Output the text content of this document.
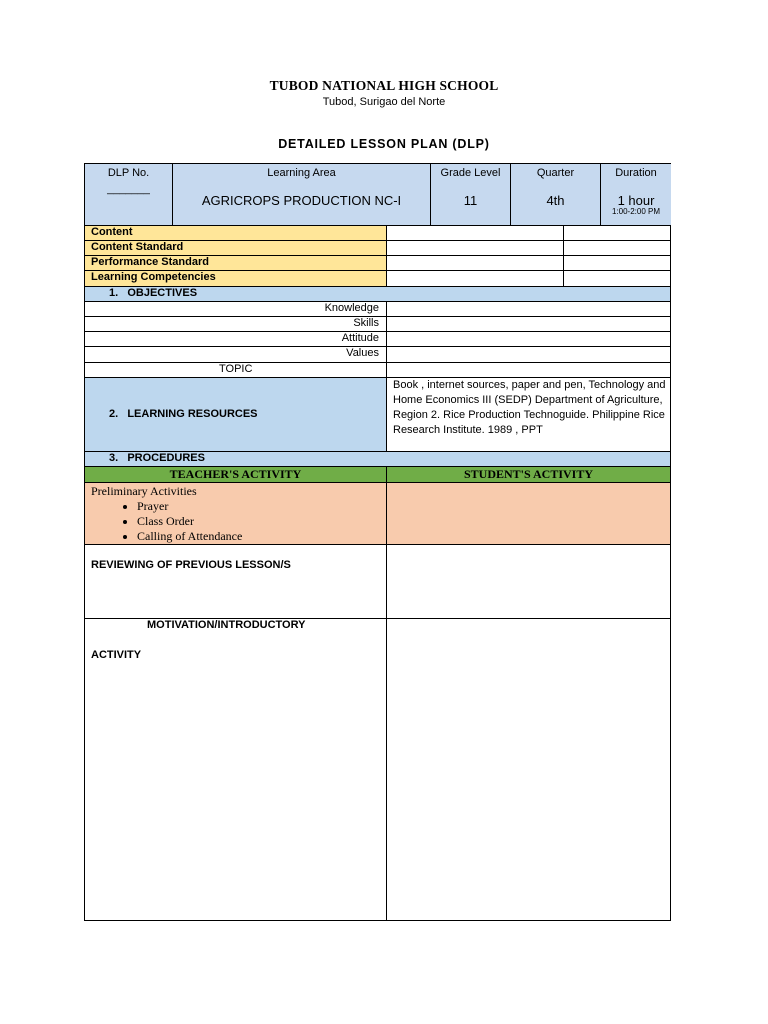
TUBOD NATIONAL HIGH SCHOOL
Tubod, Surigao del Norte
DETAILED LESSON PLAN (DLP)
DLP No.
_______
Learning Area
AGRICROPS PRODUCTION NC-I
Grade Level
11
Quarter
4th
Duration
1 hour
1:00-2:00 PM
Content
Content Standard
Performance Standard
Learning Competencies
1.   OBJECTIVES
Knowledge
Skills
Attitude
Values
TOPIC
2.   LEARNING RESOURCES
Book , internet sources, paper and pen, Technology and Home Economics III (SEDP) Department of Agriculture, Region 2. Rice Production Technoguide. Philippine Rice Research Institute. 1989 , PPT
3.   PROCEDURES
TEACHER'S ACTIVITY	STUDENT'S ACTIVITY
Preliminary Activities
• Prayer
• Class Order
• Calling of Attendance
REVIEWING OF PREVIOUS LESSON/S
MOTIVATION/INTRODUCTORY
ACTIVITY
